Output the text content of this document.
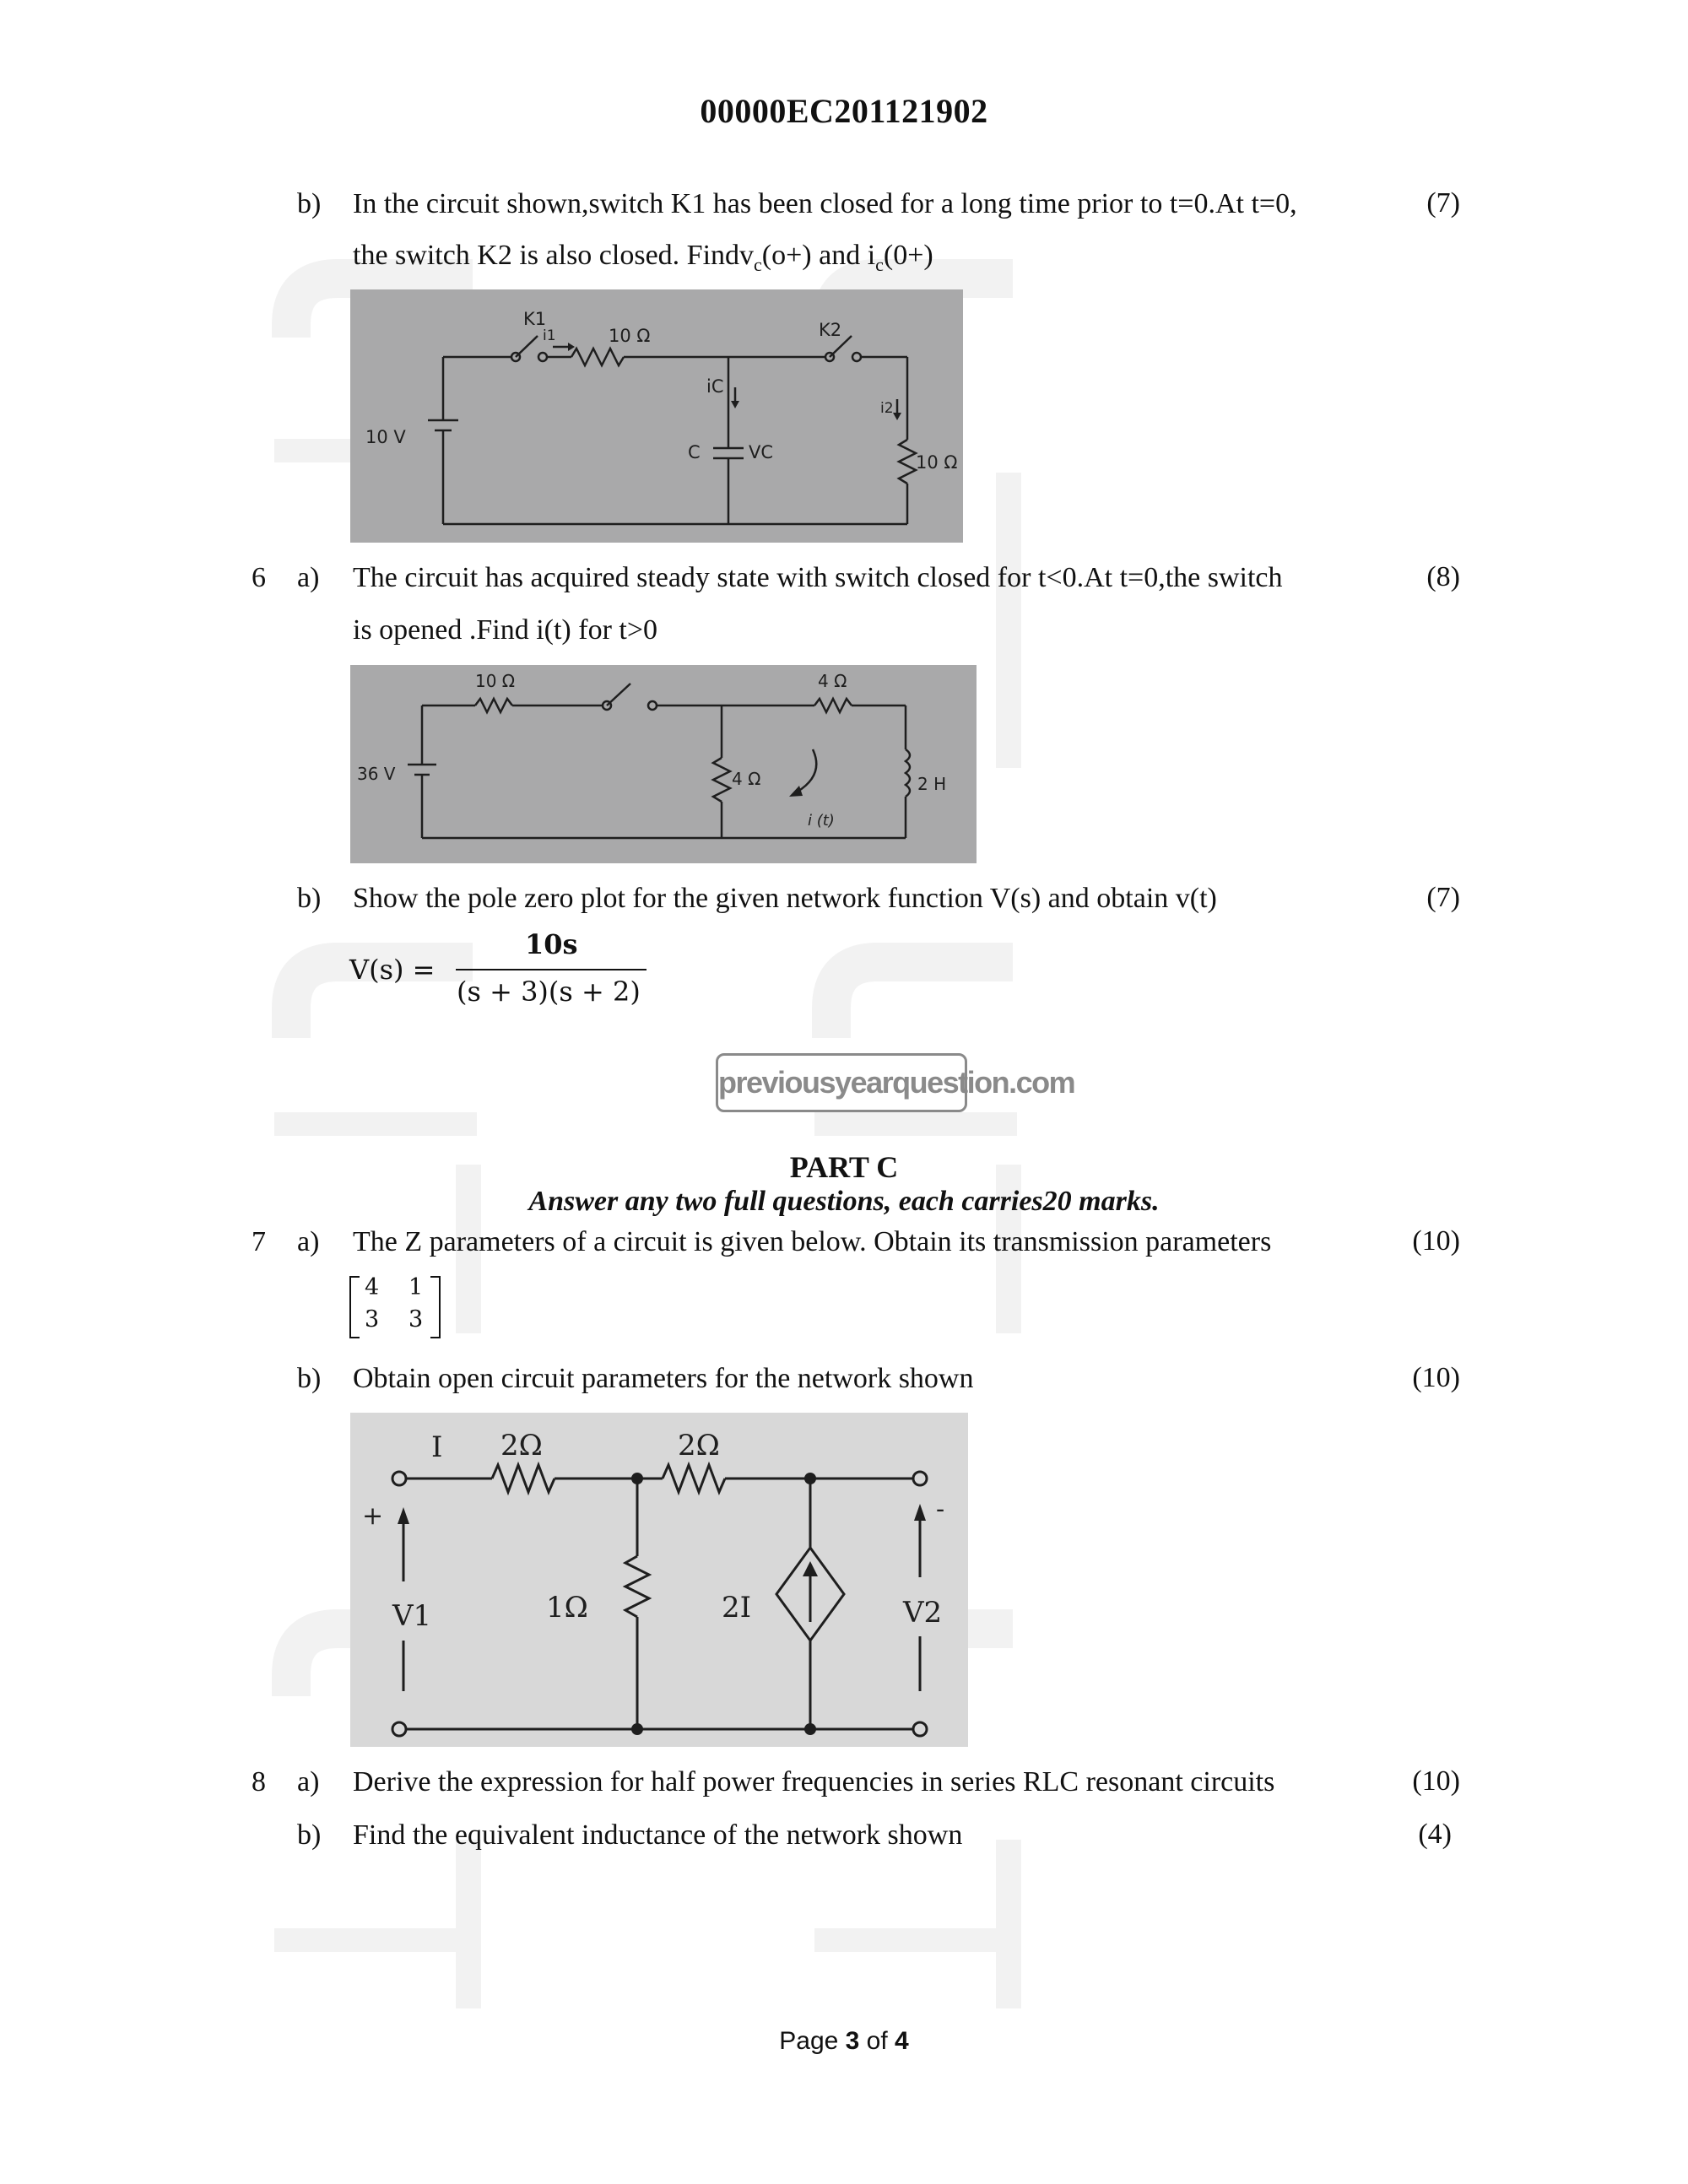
00000EC201121902
b) In the circuit shown,switch K1 has been closed for a long time prior to t=0.At t=0,	(7)
the switch K2 is also closed. Findv$_c$(o+) and $i_c(0+)$
K1
10 Ω
i1
iC
K2
i2
10 V
C	VC	10 Ω
6 a) The circuit has acquired steady state with switch closed for t<0.At t=0,the switch	(8)
is opened .Find i(t) for t>0
10 Ω	4 Ω
36 V	4 Ω	2 H
i (t)
b) Show the pole zero plot for the given network function V(s) and obtain v(t)	(7)
V(s) =
10s
(s + 3)(s + 2)
previousyearquestion.com
PART C
Answer any two full questions, each carries20 marks.
7 a) The Z parameters of a circuit is given below. Obtain its transmission parameters	(10)
4 1
3 3
b) Obtain open circuit parameters for the network shown	(10)
I 2Ω	2Ω
+	-
V1	1Ω	2I	V2
8 a) Derive the expression for half power frequencies in series RLC resonant circuits	(10)
b) Find the equivalent inductance of the network shown	(4)
Page 3 of 4
